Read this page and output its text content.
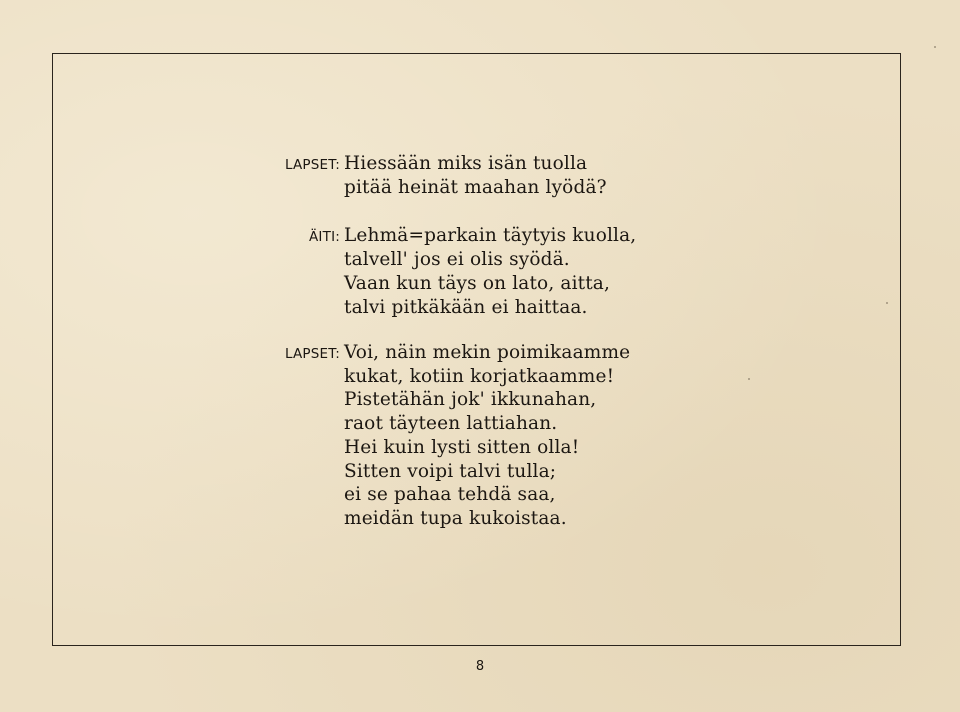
LAPSET: Hiessään miks isän tuolla
pitää heinät maahan lyödä?
ÄITI: Lehmä=parkain täytyis kuolla,
talvell' jos ei olis syödä.
Vaan kun täys on lato, aitta,
talvi pitkäkään ei haittaa.
LAPSET: Voi, näin mekin poimikaamme
kukat, kotiin korjatkaamme!
Pistetähän jok' ikkunahan,
raot täyteen lattiahan.
Hei kuin lysti sitten olla!
Sitten voipi talvi tulla;
ei se pahaa tehdä saa,
meidän tupa kukoistaa.
8
